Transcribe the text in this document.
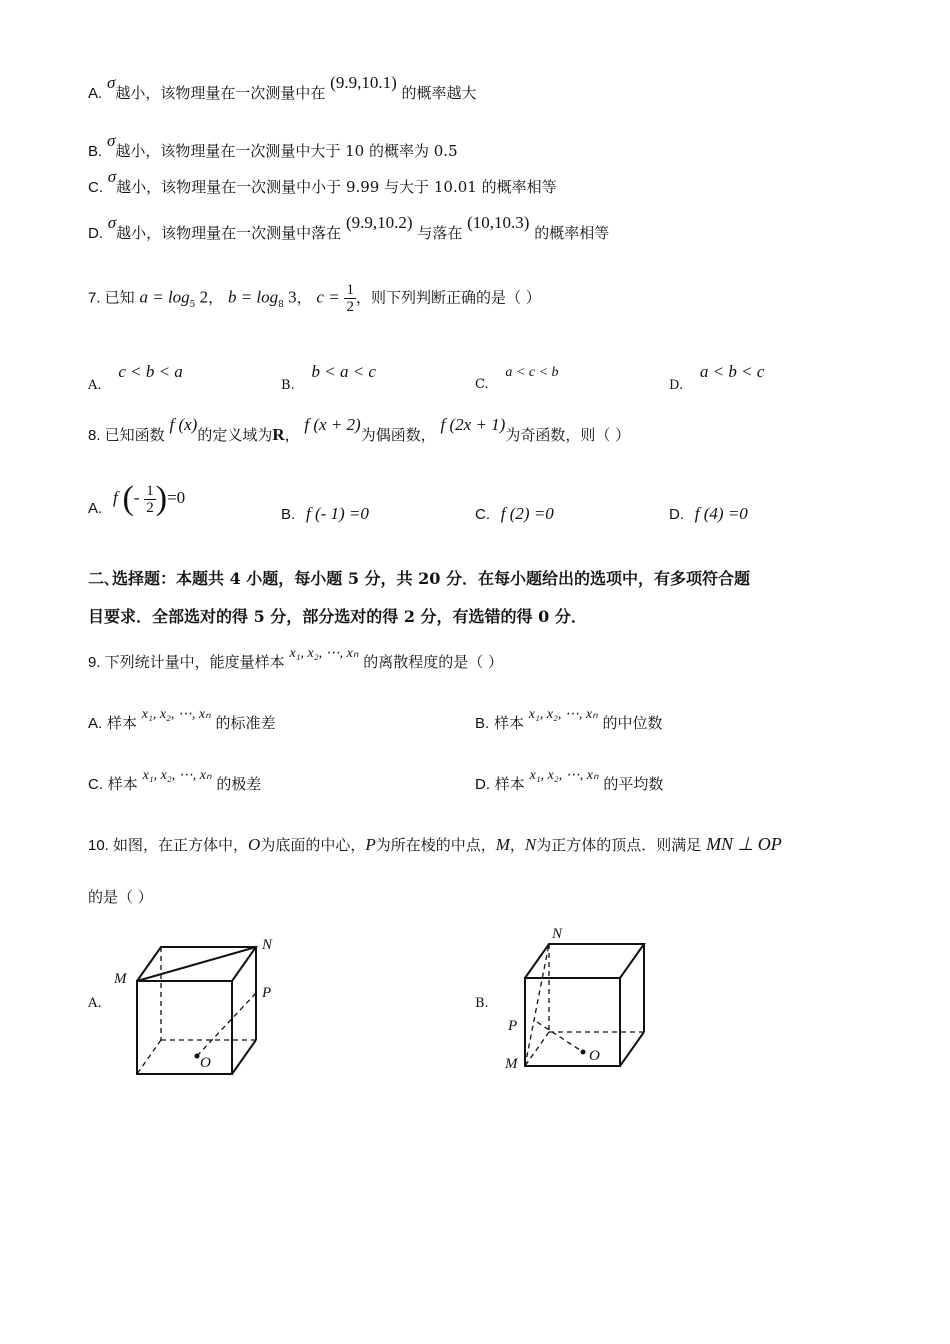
A. σ越小，该物理量在一次测量中在 (9.9,10.1) 的概率越大
B. σ越小，该物理量在一次测量中大于 10 的概率为 0.5
C. σ越小，该物理量在一次测量中小于 9.99 与大于 10.01 的概率相等
D. σ越小，该物理量在一次测量中落在 (9.9,10.2) 与落在 (10,10.3) 的概率相等
7. 已知 $a = \log_5 2$， $b = \log_8 3$， $c = \frac{1}{2}$ ，则下列判断正确的是（ ）
A. c < b < a
B. b < a < c
C. a < c < b
D. a < b < c
8. 已知函数 f (x)的定义域为R， f (x + 2)为偶函数， f (2x + 1)为奇函数，则（ ）
A. f (- $\frac{1}{2} )=0$
B. f (- 1) =0	C. f (2) =0	D. f (4) =0
二､选择题：本题共 4 小题，每小题 5 分，共 20 分．在每小题给出的选项中，有多项符合题
目要求．全部选对的得 5 分，部分选对的得 2 分，有选错的得 0 分．
9. 下列统计量中，能度量样本 x₁, x₂, ⋯, xₙ 的离散程度的是（ ）
A. 样本 x₁, x₂, ⋯, xₙ 的标准差	B. 样本 x₁, x₂, ⋯, xₙ 的中位数
C. 样本 x₁, x₂, ⋯, xₙ 的极差	D. 样本 x₁, x₂, ⋯, xₙ 的平均数
10. 如图，在正方体中，O为底面的中心，P为所在棱的中点，M，N为正方体的顶点．则满足 MN ⊥ OP
的是（ ）
A.
M
N
P
O
B.
N
P
M	O
